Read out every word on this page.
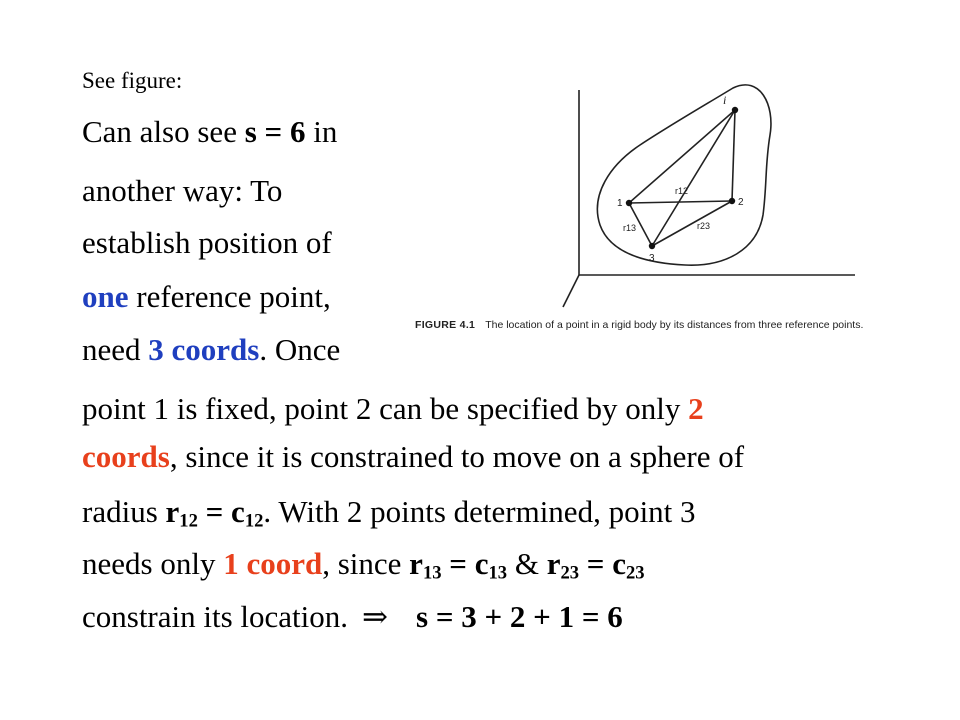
See figure:
Can also see s = 6 in
another way: To
establish position of
one reference point,
need 3 coords. Once
point 1 is fixed, point 2 can be specified by only 2
coords, since it is constrained to move on a sphere of
radius $r_{12} = c_{12}$. With 2 points determined, point 3
needs only 1 coord, since $r_{13} = c_{13}$ & $r_{23} = c_{23}$
constrain its location. ⇒ s = 3 + 2 + 1 = 6
i
1	2
3
r12
r13	r23
FIGURE 4.1 The location of a point in a rigid body by its distances from three reference points.
